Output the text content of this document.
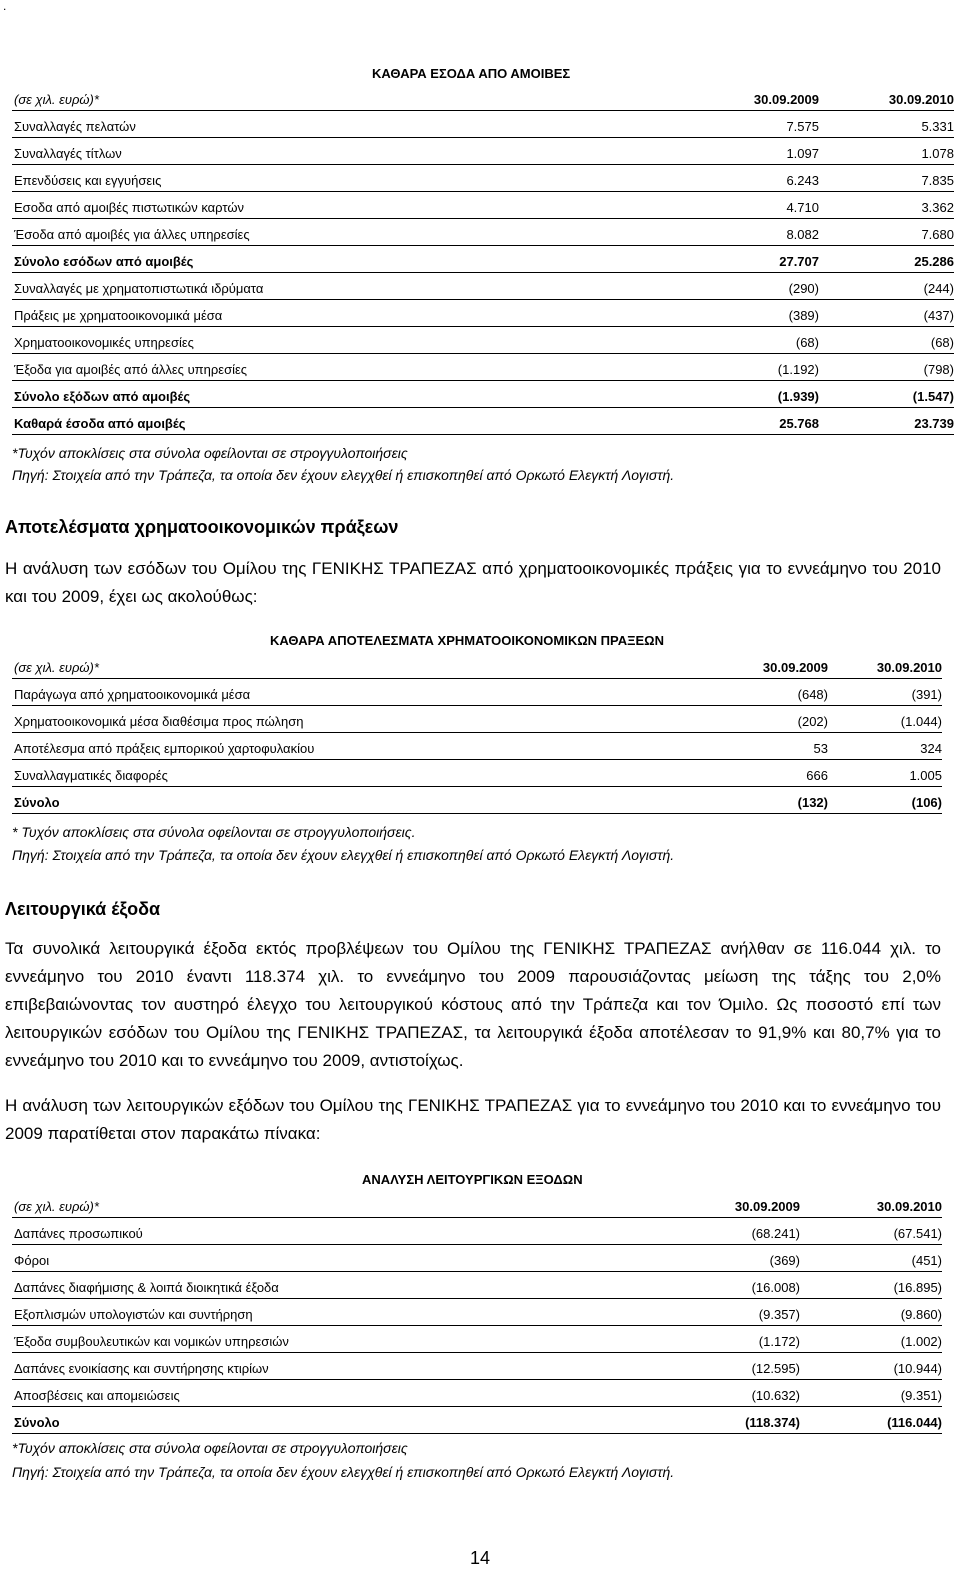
.
ΚΑΘΑΡΑ ΕΣΟΔΑ ΑΠΟ ΑΜΟΙΒΕΣ
(σε χιλ. ευρώ)*	30.09.2009	30.09.2010
Συναλλαγές πελατών	7.575	5.331
Συναλλαγές τίτλων	1.097	1.078
Επενδύσεις και εγγυήσεις	6.243	7.835
Εσοδα από αμοιβές πιστωτικών καρτών	4.710	3.362
Έσοδα από αμοιβές για άλλες υπηρεσίες	8.082	7.680
Σύνολο εσόδων από αμοιβές	27.707	25.286
Συναλλαγές με χρηματοπιστωτικά ιδρύματα	(290)	(244)
Πράξεις με χρηματοοικονομικά μέσα	(389)	(437)
Χρηματοοικονομικές υπηρεσίες	(68)	(68)
Έξοδα για αμοιβές από άλλες υπηρεσίες	(1.192)	(798)
Σύνολο εξόδων από αμοιβές	(1.939)	(1.547)
Καθαρά έσοδα από αμοιβές	25.768	23.739
*Τυχόν αποκλίσεις στα σύνολα οφείλονται σε στρογγυλοποιήσεις
Πηγή: Στοιχεία από την Τράπεζα, τα οποία δεν έχουν ελεγχθεί ή επισκοπηθεί από Ορκωτό Ελεγκτή Λογιστή.
Αποτελέσματα χρηματοοικονομικών πράξεων
Η ανάλυση των εσόδων του Ομίλου της ΓΕΝΙΚΗΣ ΤΡΑΠΕΖΑΣ από χρηματοοικονομικές πράξεις για το εννεάμηνο του 2010 και του 2009, έχει ως ακολούθως:
ΚΑΘΑΡΑ ΑΠΟΤΕΛΕΣΜΑΤΑ ΧΡΗΜΑΤΟΟΙΚΟΝΟΜΙΚΩΝ ΠΡΑΞΕΩΝ
(σε χιλ. ευρώ)*	30.09.2009	30.09.2010
Παράγωγα από χρηματοοικονομικά μέσα	(648)	(391)
Χρηματοοικονομικά μέσα διαθέσιμα προς πώληση	(202)	(1.044)
Αποτέλεσμα από πράξεις εμπορικού χαρτοφυλακίου	53	324
Συναλλαγματικές διαφορές	666	1.005
Σύνολο	(132)	(106)
* Τυχόν αποκλίσεις στα σύνολα οφείλονται σε στρογγυλοποιήσεις.
Πηγή: Στοιχεία από την Τράπεζα, τα οποία δεν έχουν ελεγχθεί ή επισκοπηθεί από Ορκωτό Ελεγκτή Λογιστή.
Λειτουργικά έξοδα
Τα συνολικά λειτουργικά έξοδα εκτός προβλέψεων του Ομίλου της ΓΕΝΙΚΗΣ ΤΡΑΠΕΖΑΣ ανήλθαν σε 116.044 χιλ. το εννεάμηνο του 2010 έναντι 118.374 χιλ. το εννεάμηνο του 2009 παρουσιάζοντας μείωση της τάξης του 2,0% επιβεβαιώνοντας τον αυστηρό έλεγχο του λειτουργικού κόστους από την Τράπεζα και τον Όμιλο. Ως ποσοστό επί των λειτουργικών εσόδων του Ομίλου της ΓΕΝΙΚΗΣ ΤΡΑΠΕΖΑΣ, τα λειτουργικά έξοδα αποτέλεσαν το 91,9% και 80,7% για το εννεάμηνο του 2010 και το εννεάμηνο του 2009, αντιστοίχως.
Η ανάλυση των λειτουργικών εξόδων του Ομίλου της ΓΕΝΙΚΗΣ ΤΡΑΠΕΖΑΣ για το εννεάμηνο του 2010 και το εννεάμηνο του 2009 παρατίθεται στον παρακάτω πίνακα:
ΑΝΑΛΥΣΗ ΛΕΙΤΟΥΡΓΙΚΩΝ ΕΞΟΔΩΝ
(σε χιλ. ευρώ)*	30.09.2009	30.09.2010
Δαπάνες προσωπικού	(68.241)	(67.541)
Φόροι	(369)	(451)
Δαπάνες διαφήμισης & λοιπά διοικητικά έξοδα	(16.008)	(16.895)
Εξοπλισμών υπολογιστών και συντήρηση	(9.357)	(9.860)
Έξοδα συμβουλευτικών και νομικών υπηρεσιών	(1.172)	(1.002)
Δαπάνες ενοικίασης και συντήρησης κτιρίων	(12.595)	(10.944)
Αποσβέσεις και απομειώσεις	(10.632)	(9.351)
Σύνολο	(118.374)	(116.044)
*Τυχόν αποκλίσεις στα σύνολα οφείλονται σε στρογγυλοποιήσεις
Πηγή: Στοιχεία από την Τράπεζα, τα οποία δεν έχουν ελεγχθεί ή επισκοπηθεί από Ορκωτό Ελεγκτή Λογιστή.
14
